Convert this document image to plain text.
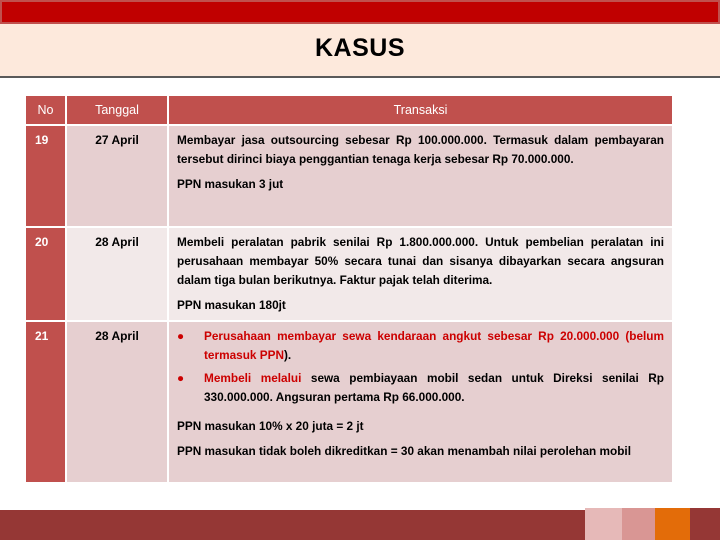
KASUS
No	Tanggal	Transaksi
19	27 April	Membayar jasa outsourcing sebesar Rp 100.000.000. Termasuk dalam pembayaran tersebut dirinci biaya penggantian tenaga kerja sebesar Rp 70.000.000.

PPN masukan 3 jut

20	28 April	Membeli peralatan pabrik senilai Rp 1.800.000.000. Untuk pembelian peralatan ini perusahaan membayar 50% secara tunai dan sisanya dibayarkan secara angsuran dalam tiga bulan berikutnya. Faktur pajak telah diterima.

PPN masukan 180jt

21	28 April	●	Perusahaan membayar sewa kendaraan angkut sebesar Rp 20.000.000 (belum termasuk PPN).
●	Membeli melalui sewa pembiayaan mobil sedan untuk Direksi senilai Rp 330.000.000. Angsuran pertama Rp 66.000.000.

PPN masukan 10% x 20 juta = 2 jt

PPN masukan tidak boleh dikreditkan = 30 akan menambah nilai perolehan mobil
